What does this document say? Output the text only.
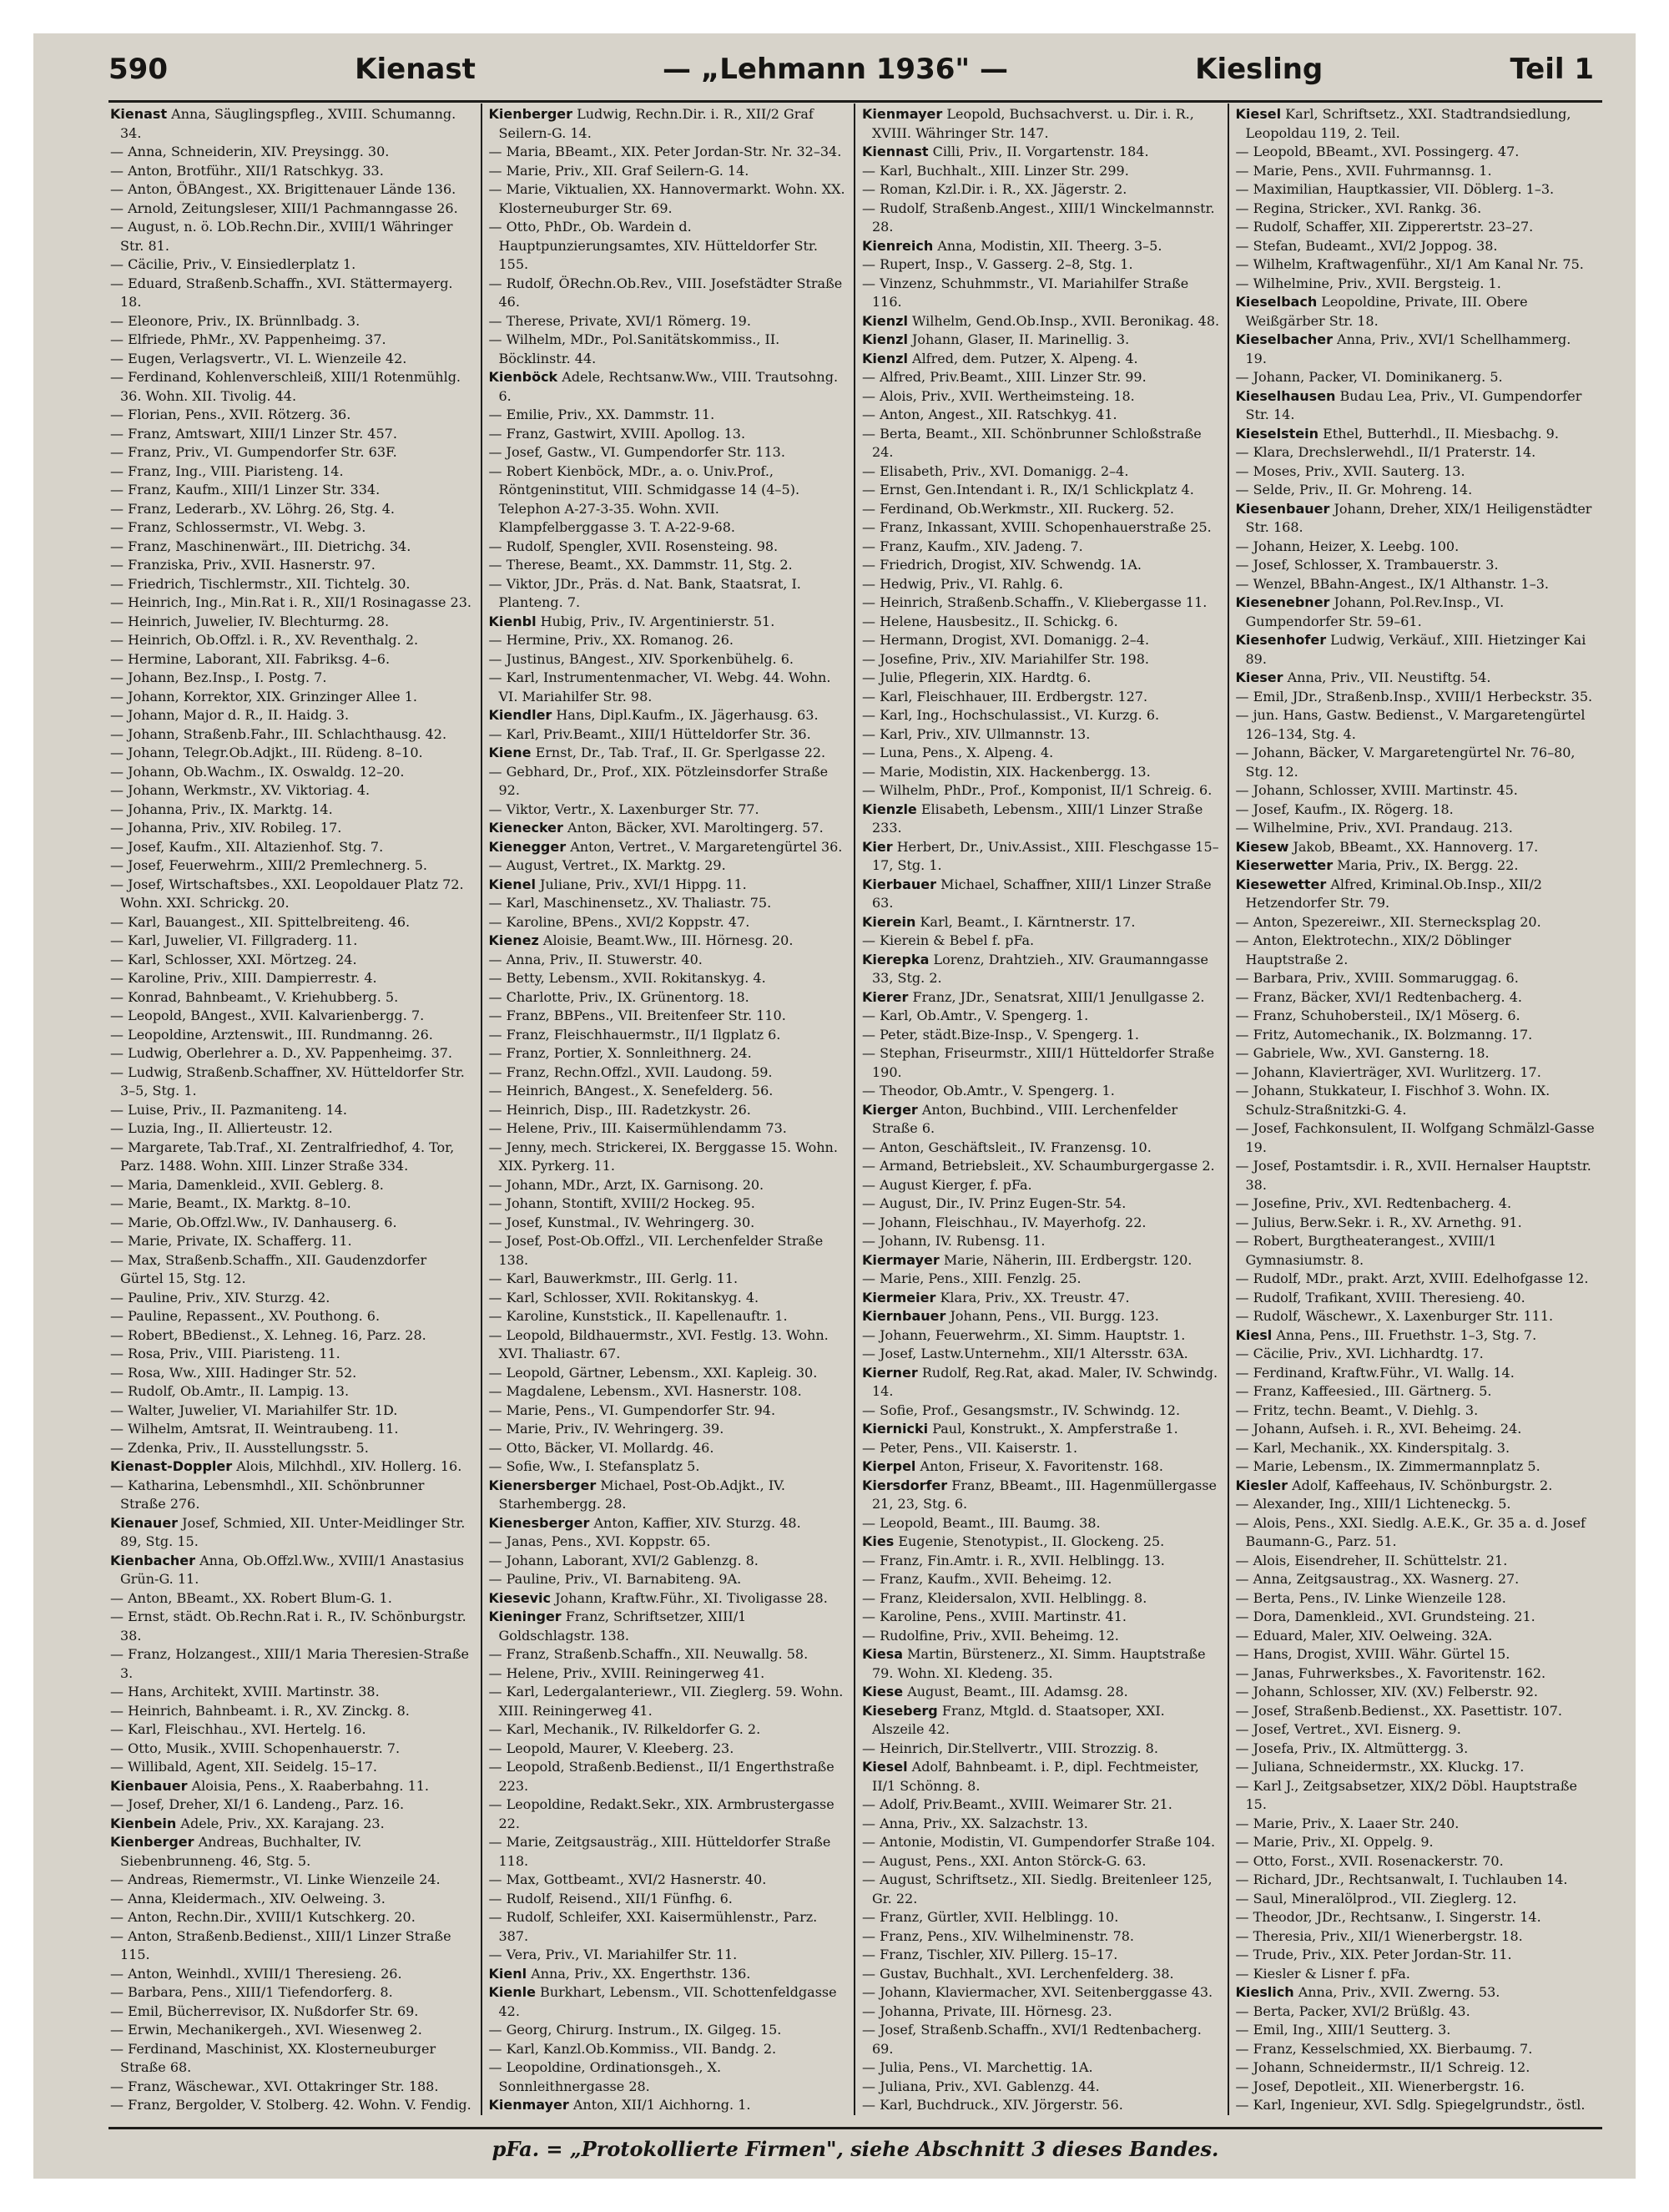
590	Kienast	— „Lehmann 1936" —	Kiesling	Teil 1
Kienast Anna, Säuglingspfleg., XVIII. Schumanng. 34.
— Anna, Schneiderin, XIV. Preysingg. 30.
— Anton, Brotführ., XII/1 Ratschkyg. 33.
— Anton, ÖBAngest., XX. Brigittenauer Lände 136.
— Arnold, Zeitungsleser, XIII/1 Pachmanngasse 26.
— August, n. ö. LOb.Rechn.Dir., XVIII/1 Währinger Str. 81.
— Cäcilie, Priv., V. Einsiedlerplatz 1.
— Eduard, Straßenb.Schaffn., XVI. Stättermayerg. 18.
— Eleonore, Priv., IX. Brünnlbadg. 3.
— Elfriede, PhMr., XV. Pappenheimg. 37.
— Eugen, Verlagsvertr., VI. L. Wienzeile 42.
— Ferdinand, Kohlenverschleiß, XIII/1 Rotenmühlg. 36. Wohn. XII. Tivolig. 44.
— Florian, Pens., XVII. Rötzerg. 36.
— Franz, Amtswart, XIII/1 Linzer Str. 457.
— Franz, Priv., VI. Gumpendorfer Str. 63F.
— Franz, Ing., VIII. Piaristeng. 14.
— Franz, Kaufm., XIII/1 Linzer Str. 334.
— Franz, Lederarb., XV. Löhrg. 26, Stg. 4.
— Franz, Schlossermstr., VI. Webg. 3.
— Franz, Maschinenwärt., III. Dietrichg. 34.
— Franziska, Priv., XVII. Hasnerstr. 97.
— Friedrich, Tischlermstr., XII. Tichtelg. 30.
— Heinrich, Ing., Min.Rat i. R., XII/1 Rosinagasse 23.
— Heinrich, Juwelier, IV. Blechturmg. 28.
— Heinrich, Ob.Offzl. i. R., XV. Reventhalg. 2.
— Hermine, Laborant, XII. Fabriksg. 4–6.
— Johann, Bez.Insp., I. Postg. 7.
— Johann, Korrektor, XIX. Grinzinger Allee 1.
— Johann, Major d. R., II. Haidg. 3.
— Johann, Straßenb.Fahr., III. Schlachthausg. 42.
— Johann, Telegr.Ob.Adjkt., III. Rüdeng. 8–10.
— Johann, Ob.Wachm., IX. Oswaldg. 12–20.
— Johann, Werkmstr., XV. Viktoriag. 4.
— Johanna, Priv., IX. Marktg. 14.
— Johanna, Priv., XIV. Robileg. 17.
— Josef, Kaufm., XII. Altazienhof. Stg. 7.
— Josef, Feuerwehrm., XIII/2 Premlechnerg. 5.
— Josef, Wirtschaftsbes., XXI. Leopoldauer Platz 72. Wohn. XXI. Schrickg. 20.
— Karl, Bauangest., XII. Spittelbreiteng. 46.
— Karl, Juwelier, VI. Fillgraderg. 11.
— Karl, Schlosser, XXI. Mörtzeg. 24.
— Karoline, Priv., XIII. Dampierrestr. 4.
— Konrad, Bahnbeamt., V. Kriehubberg. 5.
— Leopold, BAngest., XVII. Kalvarienbergg. 7.
— Leopoldine, Arztenswit., III. Rundmanng. 26.
— Ludwig, Oberlehrer a. D., XV. Pappenheimg. 37.
— Ludwig, Straßenb.Schaffner, XV. Hütteldorfer Str. 3–5, Stg. 1.
— Luise, Priv., II. Pazmaniteng. 14.
— Luzia, Ing., II. Allierteustr. 12.
— Margarete, Tab.Traf., XI. Zentralfriedhof, 4. Tor, Parz. 1488. Wohn. XIII. Linzer Straße 334.
— Maria, Damenkleid., XVII. Geblerg. 8.
— Marie, Beamt., IX. Marktg. 8–10.
— Marie, Ob.Offzl.Ww., IV. Danhauserg. 6.
— Marie, Private, IX. Schafferg. 11.
— Max, Straßenb.Schaffn., XII. Gaudenzdorfer Gürtel 15, Stg. 12.
— Pauline, Priv., XIV. Sturzg. 42.
— Pauline, Repassent., XV. Pouthong. 6.
— Robert, BBedienst., X. Lehneg. 16, Parz. 28.
— Rosa, Priv., VIII. Piaristeng. 11.
— Rosa, Ww., XIII. Hadinger Str. 52.
— Rudolf, Ob.Amtr., II. Lampig. 13.
— Walter, Juwelier, VI. Mariahilfer Str. 1D.
— Wilhelm, Amtsrat, II. Weintraubeng. 11.
— Zdenka, Priv., II. Ausstellungsstr. 5.
Kienast-Doppler Alois, Milchhdl., XIV. Hollerg. 16.
— Katharina, Lebensmhdl., XII. Schönbrunner Straße 276.
Kienauer Josef, Schmied, XII. Unter-Meidlinger Str. 89, Stg. 15.
Kienbacher Anna, Ob.Offzl.Ww., XVIII/1 Anastasius Grün-G. 11.
— Anton, BBeamt., XX. Robert Blum-G. 1.
— Ernst, städt. Ob.Rechn.Rat i. R., IV. Schönburgstr. 38.
— Franz, Holzangest., XIII/1 Maria Theresien-Straße 3.
— Hans, Architekt, XVIII. Martinstr. 38.
— Heinrich, Bahnbeamt. i. R., XV. Zinckg. 8.
— Karl, Fleischhau., XVI. Hertelg. 16.
— Otto, Musik., XVIII. Schopenhauerstr. 7.
— Willibald, Agent, XII. Seidelg. 15–17.
Kienbauer Aloisia, Pens., X. Raaberbahng. 11.
— Josef, Dreher, XI/1 6. Landeng., Parz. 16.
Kienbein Adele, Priv., XX. Karajang. 23.
Kienberger Andreas, Buchhalter, IV. Siebenbrunneng. 46, Stg. 5.
— Andreas, Riemermstr., VI. Linke Wienzeile 24.
— Anna, Kleidermach., XIV. Oelweing. 3.
— Anton, Rechn.Dir., XVIII/1 Kutschkerg. 20.
— Anton, Straßenb.Bedienst., XIII/1 Linzer Straße 115.
— Anton, Weinhdl., XVIII/1 Theresieng. 26.
— Barbara, Pens., XIII/1 Tiefendorferg. 8.
— Emil, Bücherrevisor, IX. Nußdorfer Str. 69.
— Erwin, Mechanikergeh., XVI. Wiesenweg 2.
— Ferdinand, Maschinist, XX. Klosterneuburger Straße 68.
— Franz, Wäschewar., XVI. Ottakringer Str. 188.
— Franz, Bergolder, V. Stolberg. 42. Wohn. V. Fendig.
Kienberger Ludwig, Rechn.Dir. i. R., XII/2 Graf Seilern-G. 14.
— Maria, BBeamt., XIX. Peter Jordan-Str. Nr. 32–34.
— Marie, Priv., XII. Graf Seilern-G. 14.
— Marie, Viktualien, XX. Hannovermarkt. Wohn. XX. Klosterneuburger Str. 69.
— Otto, PhDr., Ob. Wardein d. Hauptpunzierungsamtes, XIV. Hütteldorfer Str. 155.
— Rudolf, ÖRechn.Ob.Rev., VIII. Josefstädter Straße 46.
— Therese, Private, XVI/1 Römerg. 19.
— Wilhelm, MDr., Pol.Sanitätskommiss., II. Böcklinstr. 44.
Kienböck Adele, Rechtsanw.Ww., VIII. Trautsohng. 6.
— Emilie, Priv., XX. Dammstr. 11.
— Franz, Gastwirt, XVIII. Apollog. 13.
— Josef, Gastw., VI. Gumpendorfer Str. 113.
— Robert Kienböck, MDr., a. o. Univ.Prof., Röntgeninstitut, VIII. Schmidgasse 14 (4–5). Telephon A-27-3-35. Wohn. XVII. Klampfelberggasse 3. T. A-22-9-68.
— Rudolf, Spengler, XVII. Rosensteing. 98.
— Therese, Beamt., XX. Dammstr. 11, Stg. 2.
— Viktor, JDr., Präs. d. Nat. Bank, Staatsrat, I. Planteng. 7.
Kienbl Hubig, Priv., IV. Argentinierstr. 51.
— Hermine, Priv., XX. Romanog. 26.
— Justinus, BAngest., XIV. Sporkenbühelg. 6.
— Karl, Instrumentenmacher, VI. Webg. 44. Wohn. VI. Mariahilfer Str. 98.
Kiendler Hans, Dipl.Kaufm., IX. Jägerhausg. 63.
— Karl, Priv.Beamt., XIII/1 Hütteldorfer Str. 36.
Kiene Ernst, Dr., Tab. Traf., II. Gr. Sperlgasse 22.
— Gebhard, Dr., Prof., XIX. Pötzleinsdorfer Straße 92.
— Viktor, Vertr., X. Laxenburger Str. 77.
Kienecker Anton, Bäcker, XVI. Maroltingerg. 57.
Kienegger Anton, Vertret., V. Margaretengürtel 36.
— August, Vertret., IX. Marktg. 29.
Kienel Juliane, Priv., XVI/1 Hippg. 11.
— Karl, Maschinensetz., XV. Thaliastr. 75.
— Karoline, BPens., XVI/2 Koppstr. 47.
Kienez Aloisie, Beamt.Ww., III. Hörnesg. 20.
— Anna, Priv., II. Stuwerstr. 40.
— Betty, Lebensm., XVII. Rokitanskyg. 4.
— Charlotte, Priv., IX. Grünentorg. 18.
— Franz, BBPens., VII. Breitenfeer Str. 110.
— Franz, Fleischhauermstr., II/1 Ilgplatz 6.
— Franz, Portier, X. Sonnleithnerg. 24.
— Franz, Rechn.Offzl., XVII. Laudong. 59.
— Heinrich, BAngest., X. Senefelderg. 56.
— Heinrich, Disp., III. Radetzkystr. 26.
— Helene, Priv., III. Kaisermühlendamm 73.
— Jenny, mech. Strickerei, IX. Berggasse 15. Wohn. XIX. Pyrkerg. 11.
— Johann, MDr., Arzt, IX. Garnisong. 20.
— Johann, Stontift, XVIII/2 Hockeg. 95.
— Josef, Kunstmal., IV. Wehringerg. 30.
— Josef, Post-Ob.Offzl., VII. Lerchenfelder Straße 138.
— Karl, Bauwerkmstr., III. Gerlg. 11.
— Karl, Schlosser, XVII. Rokitanskyg. 4.
— Karoline, Kunststick., II. Kapellenauftr. 1.
— Leopold, Bildhauermstr., XVI. Festlg. 13. Wohn. XVI. Thaliastr. 67.
— Leopold, Gärtner, Lebensm., XXI. Kapleig. 30.
— Magdalene, Lebensm., XVI. Hasnerstr. 108.
— Marie, Pens., VI. Gumpendorfer Str. 94.
— Marie, Priv., IV. Wehringerg. 39.
— Otto, Bäcker, VI. Mollardg. 46.
— Sofie, Ww., I. Stefansplatz 5.
Kienersberger Michael, Post-Ob.Adjkt., IV. Starhembergg. 28.
Kienesberger Anton, Kaffier, XIV. Sturzg. 48.
— Janas, Pens., XVI. Koppstr. 65.
— Johann, Laborant, XVI/2 Gablenzg. 8.
— Pauline, Priv., VI. Barnabiteng. 9A.
Kiesevic Johann, Kraftw.Führ., XI. Tivoligasse 28.
Kieninger Franz, Schriftsetzer, XIII/1 Goldschlagstr. 138.
— Franz, Straßenb.Schaffn., XII. Neuwallg. 58.
— Helene, Priv., XVIII. Reiningerweg 41.
— Karl, Ledergalanteriewr., VII. Zieglerg. 59. Wohn. XIII. Reiningerweg 41.
— Karl, Mechanik., IV. Rilkeldorfer G. 2.
— Leopold, Maurer, V. Kleeberg. 23.
— Leopold, Straßenb.Bedienst., II/1 Engerthstraße 223.
— Leopoldine, Redakt.Sekr., XIX. Armbrustergasse 22.
— Marie, Zeitgsausträg., XIII. Hütteldorfer Straße 118.
— Max, Gottbeamt., XVI/2 Hasnerstr. 40.
— Rudolf, Reisend., XII/1 Fünfhg. 6.
— Rudolf, Schleifer, XXI. Kaisermühlenstr., Parz. 387.
— Vera, Priv., VI. Mariahilfer Str. 11.
Kienl Anna, Priv., XX. Engerthstr. 136.
Kienle Burkhart, Lebensm., VII. Schottenfeldgasse 42.
— Georg, Chirurg. Instrum., IX. Gilgeg. 15.
— Karl, Kanzl.Ob.Kommiss., VII. Bandg. 2.
— Leopoldine, Ordinationsgeh., X. Sonnleithnergasse 28.
Kienmayer Anton, XII/1 Aichhorng. 1.
Kienmayer Leopold, Buchsachverst. u. Dir. i. R., XVIII. Währinger Str. 147.
Kiennast Cilli, Priv., II. Vorgartenstr. 184.
— Karl, Buchhalt., XIII. Linzer Str. 299.
— Roman, Kzl.Dir. i. R., XX. Jägerstr. 2.
— Rudolf, Straßenb.Angest., XIII/1 Winckelmannstr. 28.
Kienreich Anna, Modistin, XII. Theerg. 3–5.
— Rupert, Insp., V. Gasserg. 2–8, Stg. 1.
— Vinzenz, Schuhmmstr., VI. Mariahilfer Straße 116.
Kienzl Wilhelm, Gend.Ob.Insp., XVII. Beronikag. 48.
Kienzl Johann, Glaser, II. Marinellig. 3.
Kienzl Alfred, dem. Putzer, X. Alpeng. 4.
— Alfred, Priv.Beamt., XIII. Linzer Str. 99.
— Alois, Priv., XVII. Wertheimsteing. 18.
— Anton, Angest., XII. Ratschkyg. 41.
— Berta, Beamt., XII. Schönbrunner Schloßstraße 24.
— Elisabeth, Priv., XVI. Domanigg. 2–4.
— Ernst, Gen.Intendant i. R., IX/1 Schlickplatz 4.
— Ferdinand, Ob.Werkmstr., XII. Ruckerg. 52.
— Franz, Inkassant, XVIII. Schopenhauerstraße 25.
— Franz, Kaufm., XIV. Jadeng. 7.
— Friedrich, Drogist, XIV. Schwendg. 1A.
— Hedwig, Priv., VI. Rahlg. 6.
— Heinrich, Straßenb.Schaffn., V. Kliebergasse 11.
— Helene, Hausbesitz., II. Schickg. 6.
— Hermann, Drogist, XVI. Domanigg. 2–4.
— Josefine, Priv., XIV. Mariahilfer Str. 198.
— Julie, Pflegerin, XIX. Hardtg. 6.
— Karl, Fleischhauer, III. Erdbergstr. 127.
— Karl, Ing., Hochschulassist., VI. Kurzg. 6.
— Karl, Priv., XIV. Ullmannstr. 13.
— Luna, Pens., X. Alpeng. 4.
— Marie, Modistin, XIX. Hackenbergg. 13.
— Wilhelm, PhDr., Prof., Komponist, II/1 Schreig. 6.
Kienzle Elisabeth, Lebensm., XIII/1 Linzer Straße 233.
Kier Herbert, Dr., Univ.Assist., XIII. Fleschgasse 15–17, Stg. 1.
Kierbauer Michael, Schaffner, XIII/1 Linzer Straße 63.
Kierein Karl, Beamt., I. Kärntnerstr. 17.
— Kierein & Bebel f. pFa.
Kierepka Lorenz, Drahtzieh., XIV. Graumanngasse 33, Stg. 2.
Kierer Franz, JDr., Senatsrat, XIII/1 Jenullgasse 2.
— Karl, Ob.Amtr., V. Spengerg. 1.
— Peter, städt.Bize-Insp., V. Spengerg. 1.
— Stephan, Friseurmstr., XIII/1 Hütteldorfer Straße 190.
— Theodor, Ob.Amtr., V. Spengerg. 1.
Kierger Anton, Buchbind., VIII. Lerchenfelder Straße 6.
— Anton, Geschäftsleit., IV. Franzensg. 10.
— Armand, Betriebsleit., XV. Schaumburgergasse 2.
— August Kierger, f. pFa.
— August, Dir., IV. Prinz Eugen-Str. 54.
— Johann, Fleischhau., IV. Mayerhofg. 22.
— Johann, IV. Rubensg. 11.
Kiermayer Marie, Näherin, III. Erdbergstr. 120.
— Marie, Pens., XIII. Fenzlg. 25.
Kiermeier Klara, Priv., XX. Treustr. 47.
Kiernbauer Johann, Pens., VII. Burgg. 123.
— Johann, Feuerwehrm., XI. Simm. Hauptstr. 1.
— Josef, Lastw.Unternehm., XII/1 Altersstr. 63A.
Kierner Rudolf, Reg.Rat, akad. Maler, IV. Schwindg. 14.
— Sofie, Prof., Gesangsmstr., IV. Schwindg. 12.
Kiernicki Paul, Konstrukt., X. Ampferstraße 1.
— Peter, Pens., VII. Kaiserstr. 1.
Kierpel Anton, Friseur, X. Favoritenstr. 168.
Kiersdorfer Franz, BBeamt., III. Hagenmüllergasse 21, 23, Stg. 6.
— Leopold, Beamt., III. Baumg. 38.
Kies Eugenie, Stenotypist., II. Glockeng. 25.
— Franz, Fin.Amtr. i. R., XVII. Helblingg. 13.
— Franz, Kaufm., XVII. Beheimg. 12.
— Franz, Kleidersalon, XVII. Helblingg. 8.
— Karoline, Pens., XVIII. Martinstr. 41.
— Rudolfine, Priv., XVII. Beheimg. 12.
Kiesa Martin, Bürstenerz., XI. Simm. Hauptstraße 79. Wohn. XI. Kledeng. 35.
Kiese August, Beamt., III. Adamsg. 28.
Kieseberg Franz, Mtgld. d. Staatsoper, XXI. Alszeile 42.
— Heinrich, Dir.Stellvertr., VIII. Strozzig. 8.
Kiesel Adolf, Bahnbeamt. i. P., dipl. Fechtmeister, II/1 Schönng. 8.
— Adolf, Priv.Beamt., XVIII. Weimarer Str. 21.
— Anna, Priv., XX. Salzachstr. 13.
— Antonie, Modistin, VI. Gumpendorfer Straße 104.
— August, Pens., XXI. Anton Störck-G. 63.
— August, Schriftsetz., XII. Siedlg. Breitenleer 125, Gr. 22.
— Franz, Gürtler, XVII. Helblingg. 10.
— Franz, Pens., XIV. Wilhelminenstr. 78.
— Franz, Tischler, XIV. Pillerg. 15–17.
— Gustav, Buchhalt., XVI. Lerchenfelderg. 38.
— Johann, Klaviermacher, XVI. Seitenberggasse 43.
— Johanna, Private, III. Hörnesg. 23.
— Josef, Straßenb.Schaffn., XVI/1 Redtenbacherg. 69.
— Julia, Pens., VI. Marchettig. 1A.
— Juliana, Priv., XVI. Gablenzg. 44.
— Karl, Buchdruck., XIV. Jörgerstr. 56.
Kiesel Karl, Schriftsetz., XXI. Stadtrandsiedlung, Leopoldau 119, 2. Teil.
— Leopold, BBeamt., XVI. Possingerg. 47.
— Marie, Pens., XVII. Fuhrmannsg. 1.
— Maximilian, Hauptkassier, VII. Döblerg. 1–3.
— Regina, Stricker., XVI. Rankg. 36.
— Rudolf, Schaffer, XII. Zipperertstr. 23–27.
— Stefan, Budeamt., XVI/2 Joppog. 38.
— Wilhelm, Kraftwagenführ., XI/1 Am Kanal Nr. 75.
— Wilhelmine, Priv., XVII. Bergsteig. 1.
Kieselbach Leopoldine, Private, III. Obere Weißgärber Str. 18.
Kieselbacher Anna, Priv., XVI/1 Schellhammerg. 19.
— Johann, Packer, VI. Dominikanerg. 5.
Kieselhausen Budau Lea, Priv., VI. Gumpendorfer Str. 14.
Kieselstein Ethel, Butterhdl., II. Miesbachg. 9.
— Klara, Drechslerwehdl., II/1 Praterstr. 14.
— Moses, Priv., XVII. Sauterg. 13.
— Selde, Priv., II. Gr. Mohreng. 14.
Kiesenbauer Johann, Dreher, XIX/1 Heiligenstädter Str. 168.
— Johann, Heizer, X. Leebg. 100.
— Josef, Schlosser, X. Trambauerstr. 3.
— Wenzel, BBahn-Angest., IX/1 Althanstr. 1–3.
Kiesenebner Johann, Pol.Rev.Insp., VI. Gumpendorfer Str. 59–61.
Kiesenhofer Ludwig, Verkäuf., XIII. Hietzinger Kai 89.
Kieser Anna, Priv., VII. Neustiftg. 54.
— Emil, JDr., Straßenb.Insp., XVIII/1 Herbeckstr. 35.
— jun. Hans, Gastw. Bedienst., V. Margaretengürtel 126–134, Stg. 4.
— Johann, Bäcker, V. Margaretengürtel Nr. 76–80, Stg. 12.
— Johann, Schlosser, XVIII. Martinstr. 45.
— Josef, Kaufm., IX. Rögerg. 18.
— Wilhelmine, Priv., XVI. Prandaug. 213.
Kiesew Jakob, BBeamt., XX. Hannoverg. 17.
Kieserwetter Maria, Priv., IX. Bergg. 22.
Kiesewetter Alfred, Kriminal.Ob.Insp., XII/2 Hetzendorfer Str. 79.
— Anton, Spezereiwr., XII. Sternecksplag 20.
— Anton, Elektrotechn., XIX/2 Döblinger Hauptstraße 2.
— Barbara, Priv., XVIII. Sommaruggag. 6.
— Franz, Bäcker, XVI/1 Redtenbacherg. 4.
— Franz, Schuhobersteil., IX/1 Möserg. 6.
— Fritz, Automechanik., IX. Bolzmanng. 17.
— Gabriele, Ww., XVI. Gansterng. 18.
— Johann, Klavierträger, XVI. Wurlitzerg. 17.
— Johann, Stukkateur, I. Fischhof 3. Wohn. IX. Schulz-Straßnitzki-G. 4.
— Josef, Fachkonsulent, II. Wolfgang Schmälzl-Gasse 19.
— Josef, Postamtsdir. i. R., XVII. Hernalser Hauptstr. 38.
— Josefine, Priv., XVI. Redtenbacherg. 4.
— Julius, Berw.Sekr. i. R., XV. Arnethg. 91.
— Robert, Burgtheaterangest., XVIII/1 Gymnasiumstr. 8.
— Rudolf, MDr., prakt. Arzt, XVIII. Edelhofgasse 12.
— Rudolf, Trafikant, XVIII. Theresieng. 40.
— Rudolf, Wäschewr., X. Laxenburger Str. 111.
Kiesl Anna, Pens., III. Fruethstr. 1–3, Stg. 7.
— Cäcilie, Priv., XVI. Lichhardtg. 17.
— Ferdinand, Kraftw.Führ., VI. Wallg. 14.
— Franz, Kaffeesied., III. Gärtnerg. 5.
— Fritz, techn. Beamt., V. Diehlg. 3.
— Johann, Aufseh. i. R., XVI. Beheimg. 24.
— Karl, Mechanik., XX. Kinderspitalg. 3.
— Marie, Lebensm., IX. Zimmermannplatz 5.
Kiesler Adolf, Kaffeehaus, IV. Schönburgstr. 2.
— Alexander, Ing., XIII/1 Lichteneckg. 5.
— Alois, Pens., XXI. Siedlg. A.E.K., Gr. 35 a. d. Josef Baumann-G., Parz. 51.
— Alois, Eisendreher, II. Schüttelstr. 21.
— Anna, Zeitgsaustrag., XX. Wasnerg. 27.
— Berta, Pens., IV. Linke Wienzeile 128.
— Dora, Damenkleid., XVI. Grundsteing. 21.
— Eduard, Maler, XIV. Oelweing. 32A.
— Hans, Drogist, XVIII. Währ. Gürtel 15.
— Janas, Fuhrwerksbes., X. Favoritenstr. 162.
— Johann, Schlosser, XIV. (XV.) Felberstr. 92.
— Josef, Straßenb.Bedienst., XX. Pasettistr. 107.
— Josef, Vertret., XVI. Eisnerg. 9.
— Josefa, Priv., IX. Altmüttergg. 3.
— Juliana, Schneidermstr., XX. Kluckg. 17.
— Karl J., Zeitgsabsetzer, XIX/2 Döbl. Hauptstraße 15.
— Marie, Priv., X. Laaer Str. 240.
— Marie, Priv., XI. Oppelg. 9.
— Otto, Forst., XVII. Rosenackerstr. 70.
— Richard, JDr., Rechtsanwalt, I. Tuchlauben 14.
— Saul, Mineralölprod., VII. Zieglerg. 12.
— Theodor, JDr., Rechtsanw., I. Singerstr. 14.
— Theresia, Priv., XII/1 Wienerbergstr. 18.
— Trude, Priv., XIX. Peter Jordan-Str. 11.
— Kiesler & Lisner f. pFa.
Kieslich Anna, Priv., XVII. Zwerng. 53.
— Berta, Packer, XVI/2 Brüßlg. 43.
— Emil, Ing., XIII/1 Seutterg. 3.
— Franz, Kesselschmied, XX. Bierbaumg. 7.
— Johann, Schneidermstr., II/1 Schreig. 12.
— Josef, Depotleit., XII. Wienerbergstr. 16.
— Karl, Ingenieur, XVI. Sdlg. Spiegelgrundstr., östl.
pFa. = „Protokollierte Firmen", siehe Abschnitt 3 dieses Bandes.
